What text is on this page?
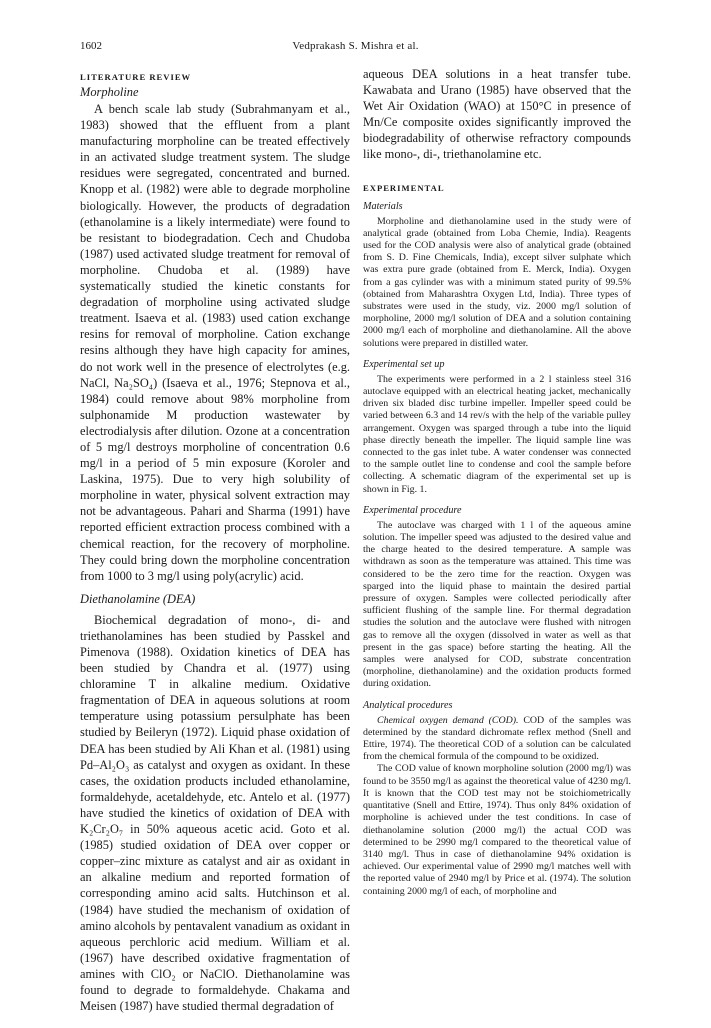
1602	Vedprakash S. Mishra et al.

LITERATURE REVIEW

Morpholine

A bench scale lab study (Subrahmanyam et al., 1983) showed that the effluent from a plant manufacturing morpholine can be treated effectively in an activated sludge treatment system. The sludge residues were segregated, concentrated and burned. Knopp et al. (1982) were able to degrade morpholine biologically. However, the products of degradation (ethanolamine is a likely intermediate) were found to be resistant to biodegradation. Cech and Chudoba (1987) used activated sludge treatment for removal of morpholine. Chudoba et al. (1989) have systematically studied the kinetic constants for degradation of morpholine using activated sludge treatment. Isaeva et al. (1983) used cation exchange resins for removal of morpholine. Cation exchange resins although they have high capacity for amines, do not work well in the presence of electrolytes (e.g. NaCl, Na₂SO₄) (Isaeva et al., 1976; Stepnova et al., 1984) could remove about 98% morpholine from sulphonamide M production wastewater by electrodialysis after dilution. Ozone at a concentration of 5 mg/l destroys morpholine of concentration 0.6 mg/l in a period of 5 min exposure (Koroler and Laskina, 1975). Due to very high solubility of morpholine in water, physical solvent extraction may not be advantageous. Pahari and Sharma (1991) have reported efficient extraction process combined with a chemical reaction, for the recovery of morpholine. They could bring down the morpholine concentration from 1000 to 3 mg/l using poly(acrylic) acid.

Diethanolamine (DEA)

Biochemical degradation of mono-, di- and triethanolamines has been studied by Passkel and Pimenova (1988). Oxidation kinetics of DEA has been studied by Chandra et al. (1977) using chloramine T in alkaline medium. Oxidative fragmentation of DEA in aqueous solutions at room temperature using potassium persulphate has been studied by Beileryn (1972). Liquid phase oxidation of DEA has been studied by Ali Khan et al. (1981) using Pd–Al₂O₃ as catalyst and oxygen as oxidant. In these cases, the oxidation products included ethanolamine, formaldehyde, acetaldehyde, etc. Antelo et al. (1977) have studied the kinetics of oxidation of DEA with K₂Cr₂O₇ in 50% aqueous acetic acid. Goto et al. (1985) studied oxidation of DEA over copper or copper–zinc mixture as catalyst and air as oxidant in an alkaline medium and reported formation of corresponding amino acid salts. Hutchinson et al. (1984) have studied the mechanism of oxidation of amino alcohols by pentavalent vanadium as oxidant in aqueous perchloric acid medium. William et al. (1967) have described oxidative fragmentation of amines with ClO₂ or NaClO. Diethanolamine was found to degrade to formaldehyde. Chakama and Meisen (1987) have studied thermal degradation of

aqueous DEA solutions in a heat transfer tube. Kawabata and Urano (1985) have observed that the Wet Air Oxidation (WAO) at 150°C in presence of Mn/Ce composite oxides significantly improved the biodegradability of otherwise refractory compounds like mono-, di-, triethanolamine etc.

EXPERIMENTAL

Materials

Morpholine and diethanolamine used in the study were of analytical grade (obtained from Loba Chemie, India). Reagents used for the COD analysis were also of analytical grade (obtained from S. D. Fine Chemicals, India), except silver sulphate which was extra pure grade (obtained from E. Merck, India). Oxygen from a gas cylinder was with a minimum stated purity of 99.5% (obtained from Maharashtra Oxygen Ltd, India). Three types of substrates were used in the study, viz. 2000 mg/l solution of morpholine, 2000 mg/l solution of DEA and a solution containing 2000 mg/l each of morpholine and diethanolamine. All the above solutions were prepared in distilled water.

Experimental set up

The experiments were performed in a 2 l stainless steel 316 autoclave equipped with an electrical heating jacket, mechanically driven six bladed disc turbine impeller. Impeller speed could be varied between 6.3 and 14 rev/s with the help of the variable pulley arrangement. Oxygen was sparged through a tube into the liquid phase directly beneath the impeller. The liquid sample line was connected to the gas inlet tube. A water condenser was connected to the sample outlet line to condense and cool the sample before collecting. A schematic diagram of the experimental set up is shown in Fig. 1.

Experimental procedure

The autoclave was charged with 1 l of the aqueous amine solution. The impeller speed was adjusted to the desired value and the charge heated to the desired temperature. A sample was withdrawn as soon as the temperature was attained. This time was considered to be the zero time for the reaction. Oxygen was sparged into the liquid phase to maintain the desired partial pressure of oxygen. Samples were collected periodically after sufficient flushing of the sample line. For thermal degradation studies the solution and the autoclave were flushed with nitrogen gas to remove all the oxygen (dissolved in water as well as that present in the gas space) before starting the heating. All the samples were analysed for COD, substrate concentration (morpholine, diethanolamine) and the oxidation products formed during oxidation.

Analytical procedures

Chemical oxygen demand (COD). COD of the samples was determined by the standard dichromate reflex method (Snell and Ettire, 1974). The theoretical COD of a solution can be calculated from the chemical formula of the compound to be oxidized.

The COD value of known morpholine solution (2000 mg/l) was found to be 3550 mg/l as against the theoretical value of 4230 mg/l. It is known that the COD test may not be stoichiometrically quantitative (Snell and Ettire, 1974). Thus only 84% oxidation of morpholine is achieved under the test conditions. In case of diethanolamine solution (2000 mg/l) the actual COD was determined to be 2990 mg/l compared to the theoretical value of 3140 mg/l. Thus in case of diethanolamine 94% oxidation is achieved. Our experimental value of 2990 mg/l matches well with the reported value of 2940 mg/l by Price et al. (1974). The solution containing 2000 mg/l of each, of morpholine and
